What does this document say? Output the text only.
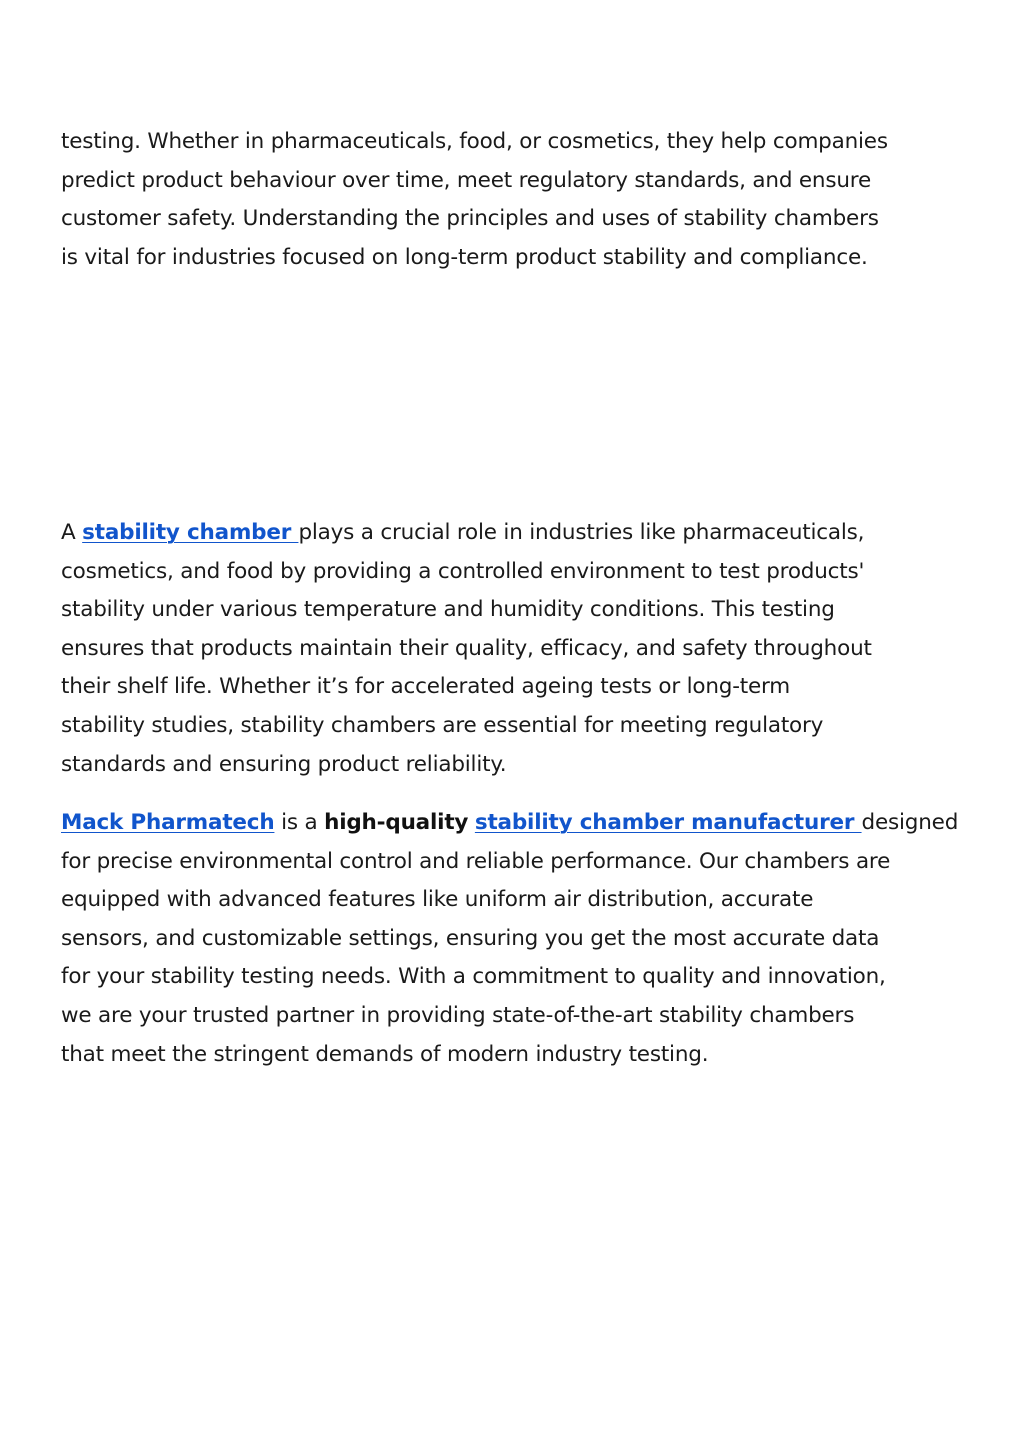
testing. Whether in pharmaceuticals, food, or cosmetics, they help companies
predict product behaviour over time, meet regulatory standards, and ensure
customer safety. Understanding the principles and uses of stability chambers
is vital for industries focused on long-term product stability and compliance.

A stability chamber plays a crucial role in industries like pharmaceuticals,
cosmetics, and food by providing a controlled environment to test products'
stability under various temperature and humidity conditions. This testing
ensures that products maintain their quality, efficacy, and safety throughout
their shelf life. Whether it’s for accelerated ageing tests or long-term
stability studies, stability chambers are essential for meeting regulatory
standards and ensuring product reliability.

Mack Pharmatech is a high-quality stability chamber manufacturer designed
for precise environmental control and reliable performance. Our chambers are
equipped with advanced features like uniform air distribution, accurate
sensors, and customizable settings, ensuring you get the most accurate data
for your stability testing needs. With a commitment to quality and innovation,
we are your trusted partner in providing state-of-the-art stability chambers
that meet the stringent demands of modern industry testing.
